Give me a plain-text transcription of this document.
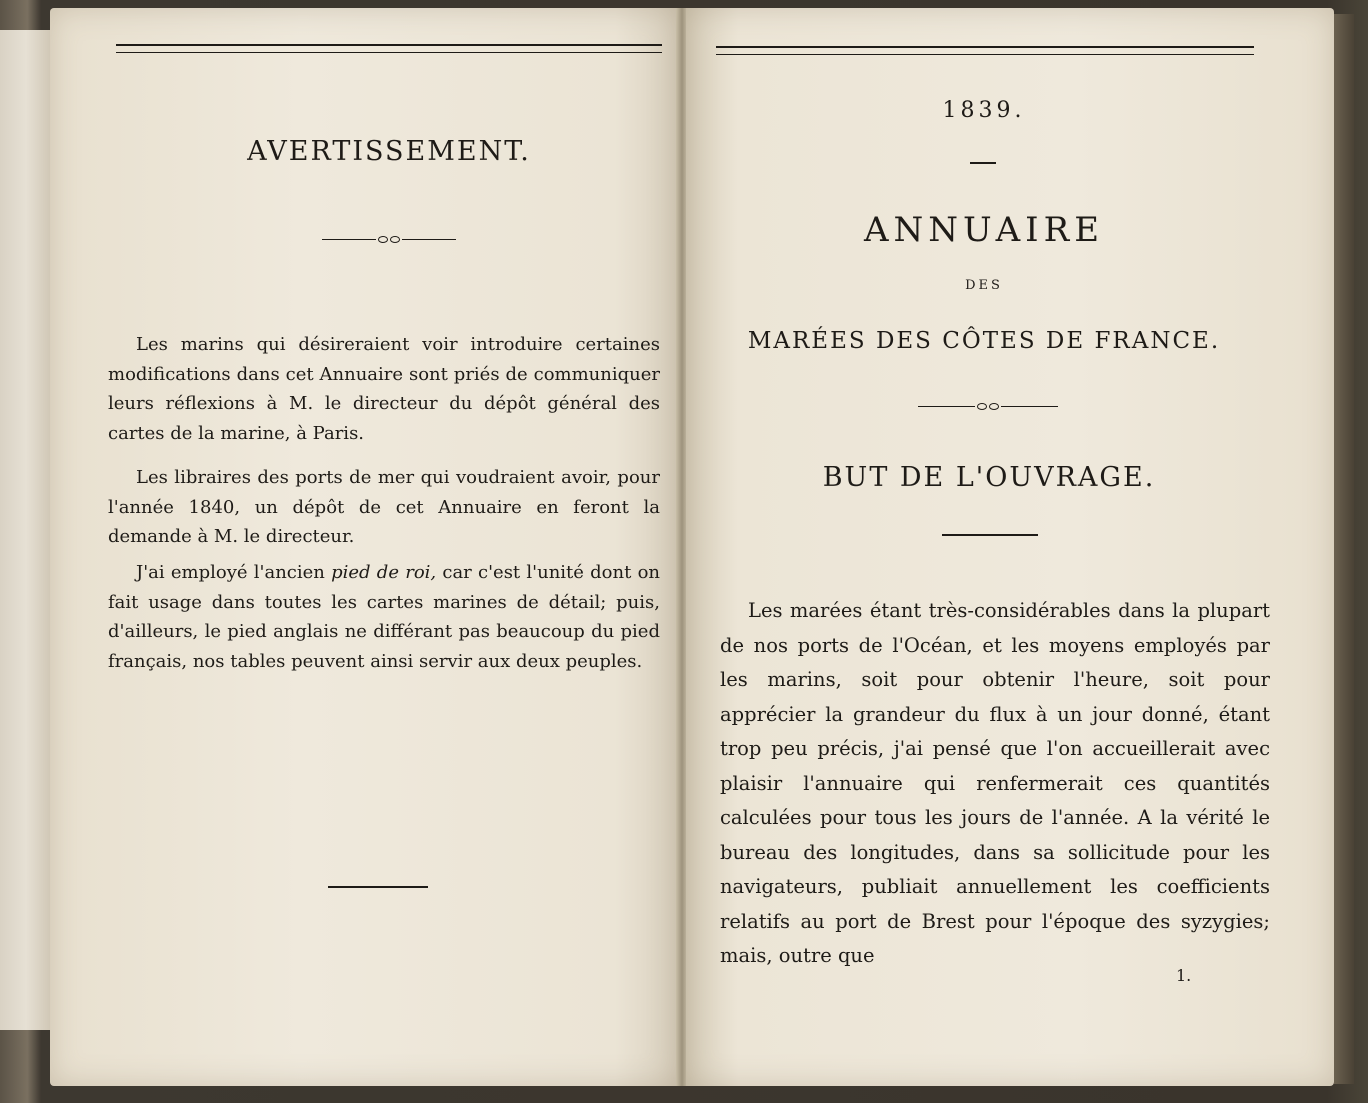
AVERTISSEMENT.

Les marins qui désireraient voir introduire certaines modifications dans cet Annuaire sont priés de communiquer leurs réflexions à M. le directeur du dépôt général des cartes de la marine, à Paris.

Les libraires des ports de mer qui voudraient avoir, pour l'année 1840, un dépôt de cet Annuaire en feront la demande à M. le directeur.

J'ai employé l'ancien pied de roi, car c'est l'unité dont on fait usage dans toutes les cartes marines de détail; puis, d'ailleurs, le pied anglais ne différant pas beaucoup du pied français, nos tables peuvent ainsi servir aux deux peuples.

1839.
ANNUAIRE
DES
MARÉES DES CÔTES DE FRANCE.
BUT DE L'OUVRAGE.

Les marées étant très-considérables dans la plupart de nos ports de l'Océan, et les moyens employés par les marins, soit pour obtenir l'heure, soit pour apprécier la grandeur du flux à un jour donné, étant trop peu précis, j'ai pensé que l'on accueillerait avec plaisir l'annuaire qui renfermerait ces quantités calculées pour tous les jours de l'année. A la vérité le bureau des longitudes, dans sa sollicitude pour les navigateurs, publiait annuellement les coefficients relatifs au port de Brest pour l'époque des syzygies; mais, outre que

1.
